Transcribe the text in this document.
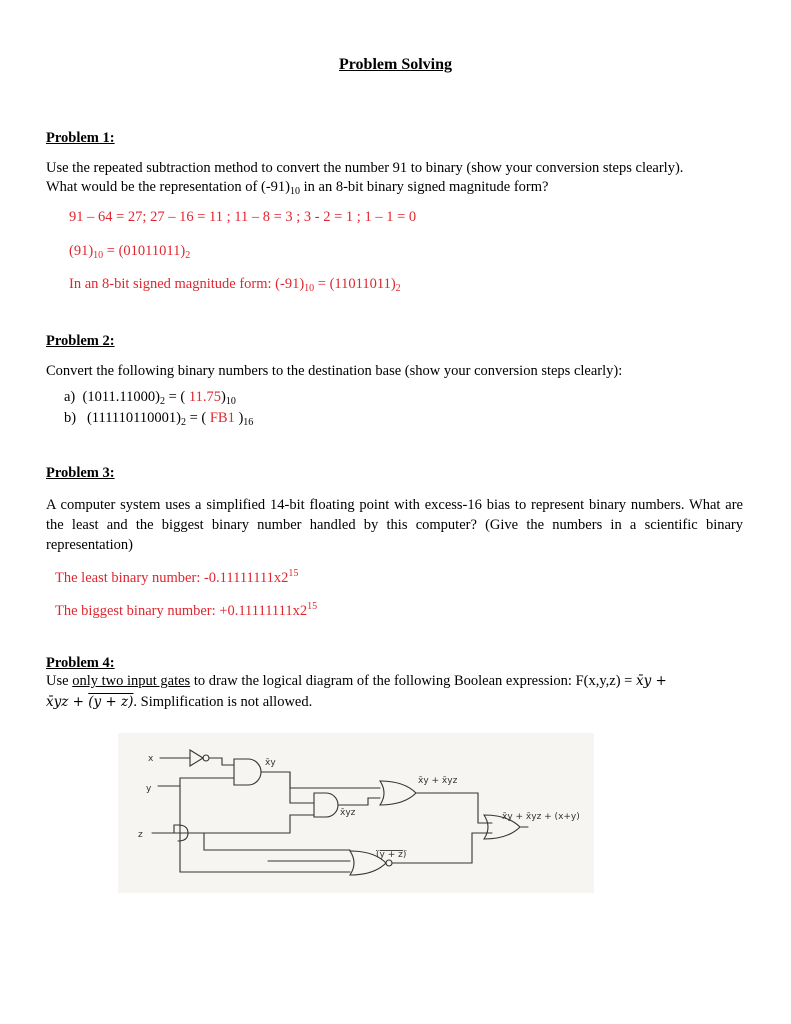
Problem Solving
Problem 1:
Use the repeated subtraction method to convert the number 91 to binary (show your conversion steps clearly).
What would be the representation of $(-91)_{10}$ in an 8-bit binary signed magnitude form?
91 – 64 = 27; 27 – 16 = 11 ; 11 – 8 = 3 ; 3 - 2 = 1 ; 1 – 1 = 0
$(91)_{10} = (01011011)_2$
In an 8-bit signed magnitude form: $(-91)_{10} = (11011011)_2$
Problem 2:
Convert the following binary numbers to the destination base (show your conversion steps clearly):
a) $(1011.11000)_2$ = ( $11.75)_{10}$
b) $(111110110001)_2$ = ( FB1 )$_{16}$
Problem 3:
A computer system uses a simplified 14-bit floating point with excess-16 bias to represent binary numbers. What are the least and the biggest binary number handled by this computer? (Give the numbers in a scientific binary representation)
The least binary number: $-0.11111111x2^{15}$
The biggest binary number: $+0.11111111x2^{15}$
Problem 4:
Use only two input gates to draw the logical diagram of the following Boolean expression: F(x,y,z) = x̄y +
x̄yz + (y + z). Simplification is not allowed.
x
y
z
x̄y
x̄yz
x̄y + x̄yz
(y + z)
x̄y + x̄yz + (x+y)
